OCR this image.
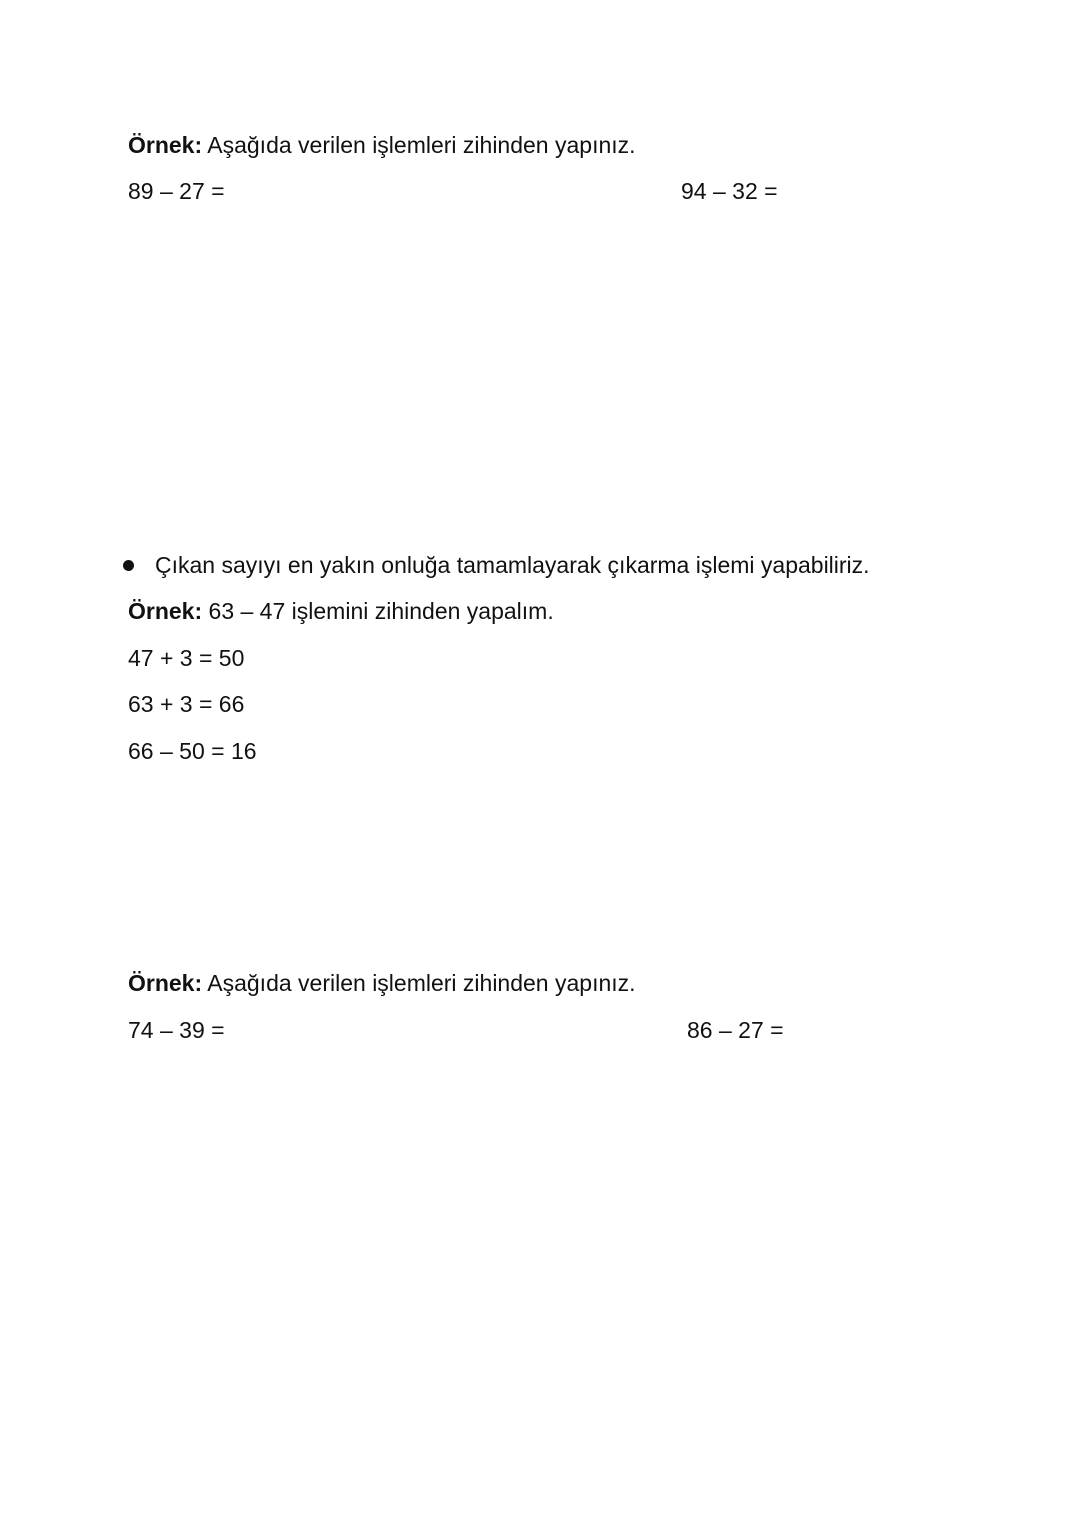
Örnek: Aşağıda verilen işlemleri zihinden yapınız.
89 – 27 =	94 – 32 =
Çıkan sayıyı en yakın onluğa tamamlayarak çıkarma işlemi yapabiliriz.
Örnek: 63 – 47 işlemini zihinden yapalım.
47 + 3 = 50
63 + 3 = 66
66 – 50 = 16
Örnek: Aşağıda verilen işlemleri zihinden yapınız.
74 – 39 =	86 – 27 =
